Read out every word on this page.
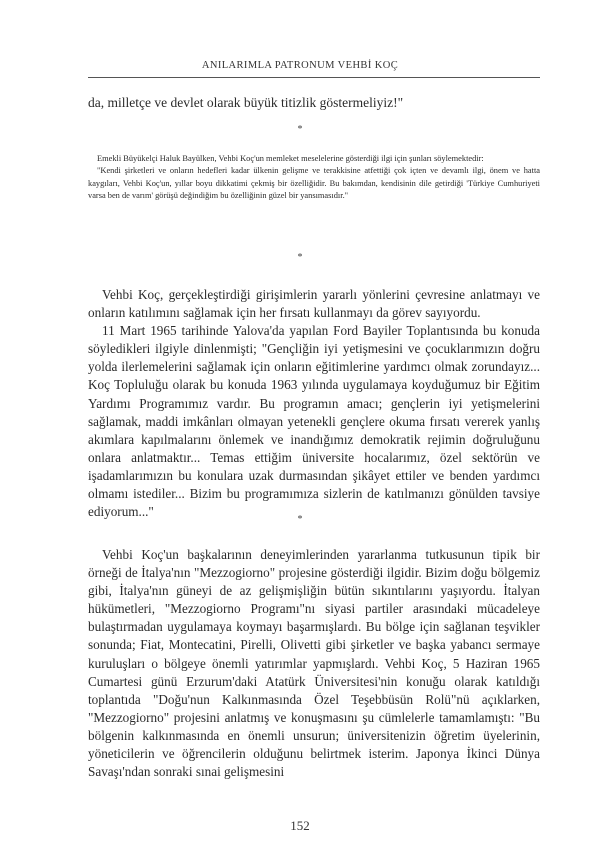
ANILARIMLA PATRONUM VEHBİ KOÇ

da, milletçe ve devlet olarak büyük titizlik göstermeliyiz!"

*

Emekli Büyükelçi Haluk Bayülken, Vehbi Koç'un memleket meselelerine gösterdiği ilgi için şunları söylemektedir:

"Kendi şirketleri ve onların hedefleri kadar ülkenin gelişme ve terakkisine atfettiği çok içten ve devamlı ilgi, önem ve hatta kaygıları, Vehbi Koç'un, yıllar boyu dikkatimi çekmiş bir özelliğidir. Bu bakımdan, kendisinin dile getirdiği 'Türkiye Cumhuriyeti varsa ben de varım' görüşü değindiğim bu özelliğinin güzel bir yansımasıdır."

*

Vehbi Koç, gerçekleştirdiği girişimlerin yararlı yönlerini çevresine anlatmayı ve onların katılımını sağlamak için her fırsatı kullanmayı da görev sayıyordu.

11 Mart 1965 tarihinde Yalova'da yapılan Ford Bayiler Toplantısında bu konuda söyledikleri ilgiyle dinlenmişti; "Gençliğin iyi yetişmesini ve çocuklarımızın doğru yolda ilerlemelerini sağlamak için onların eğitimlerine yardımcı olmak zorundayız... Koç Topluluğu olarak bu konuda 1963 yılında uygulamaya koyduğumuz bir Eğitim Yardımı Programımız vardır. Bu programın amacı; gençlerin iyi yetişmelerini sağlamak, maddi imkânları olmayan yetenekli gençlere okuma fırsatı vererek yanlış akımlara kapılmalarını önlemek ve inandığımız demokratik rejimin doğruluğunu onlara anlatmaktır... Temas ettiğim üniversite hocalarımız, özel sektörün ve işadamlarımızın bu konulara uzak durmasından şikâyet ettiler ve benden yardımcı olmamı istediler... Bizim bu programımıza sizlerin de katılmanızı gönülden tavsiye ediyorum..."

*

Vehbi Koç'un başkalarının deneyimlerinden yararlanma tutkusunun tipik bir örneği de İtalya'nın "Mezzogiorno" projesine gösterdiği ilgidir. Bizim doğu bölgemiz gibi, İtalya'nın güneyi de az gelişmişliğin bütün sıkıntılarını yaşıyordu. İtalyan hükümetleri, "Mezzogiorno Programı"nı siyasi partiler arasındaki mücadeleye bulaştırmadan uygulamaya koymayı başarmışlardı. Bu bölge için sağlanan teşvikler sonunda; Fiat, Montecatini, Pirelli, Olivetti gibi şirketler ve başka yabancı sermaye kuruluşları o bölgeye önemli yatırımlar yapmışlardı. Vehbi Koç, 5 Haziran 1965 Cumartesi günü Erzurum'daki Atatürk Üniversitesi'nin konuğu olarak katıldığı toplantıda "Doğu'nun Kalkınmasında Özel Teşebbüsün Rolü"nü açıklarken, "Mezzogiorno" projesini anlatmış ve konuşmasını şu cümlelerle tamamlamıştı: "Bu bölgenin kalkınmasında en önemli unsurun; üniversitenizin öğretim üyelerinin, yöneticilerin ve öğrencilerin olduğunu belirtmek isterim. Japonya İkinci Dünya Savaşı'ndan sonraki sınai gelişmesini

152
